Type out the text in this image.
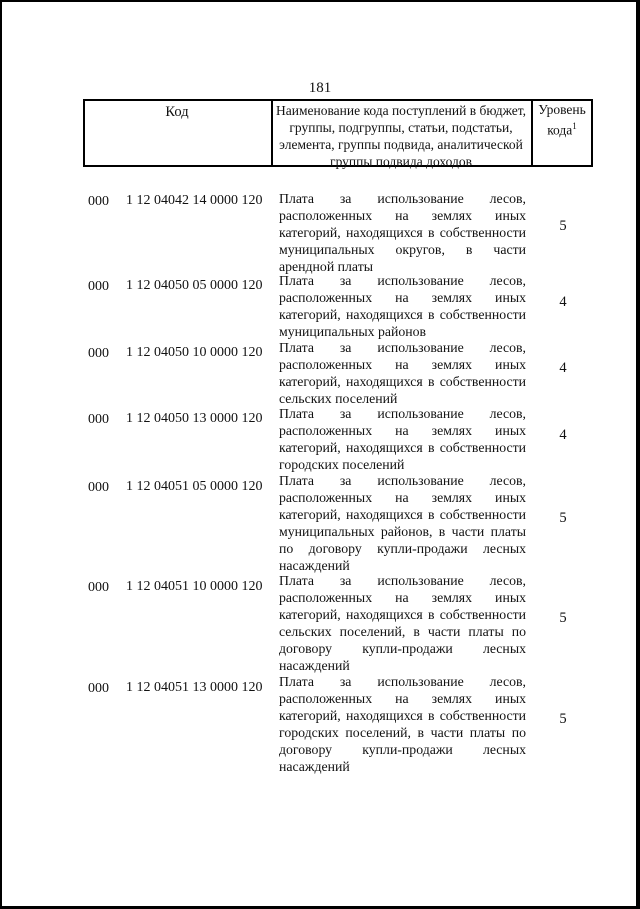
181
Код	Наименование кода поступлений в бюджет, группы, подгруппы, статьи, подстатьи, элемента, группы подвида, аналитической группы подвида доходов
Уровень кода$^1$
000 1 12 04042 14 0000 120 Плата за использование лесов, расположенных на землях иных категорий, находящихся в собственности муниципальных округов, в части арендной платы
5
000 1 12 04050 05 0000 120 Плата за использование лесов, расположенных на землях иных категорий, находящихся в собственности муниципальных районов
4
000 1 12 04050 10 0000 120 Плата за использование лесов, расположенных на землях иных категорий, находящихся в собственности сельских поселений
4
000 1 12 04050 13 0000 120 Плата за использование лесов, расположенных на землях иных категорий, находящихся в собственности городских поселений
4
000 1 12 04051 05 0000 120 Плата за использование лесов, расположенных на землях иных категорий, находящихся в собственности муниципальных районов, в части платы по договору купли-продажи лесных насаждений
5
000 1 12 04051 10 0000 120 Плата за использование лесов, расположенных на землях иных категорий, находящихся в собственности сельских поселений, в части платы по договору купли-продажи лесных насаждений
5
000 1 12 04051 13 0000 120 Плата за использование лесов, расположенных на землях иных категорий, находящихся в собственности городских поселений, в части платы по договору купли-продажи лесных насаждений
5
